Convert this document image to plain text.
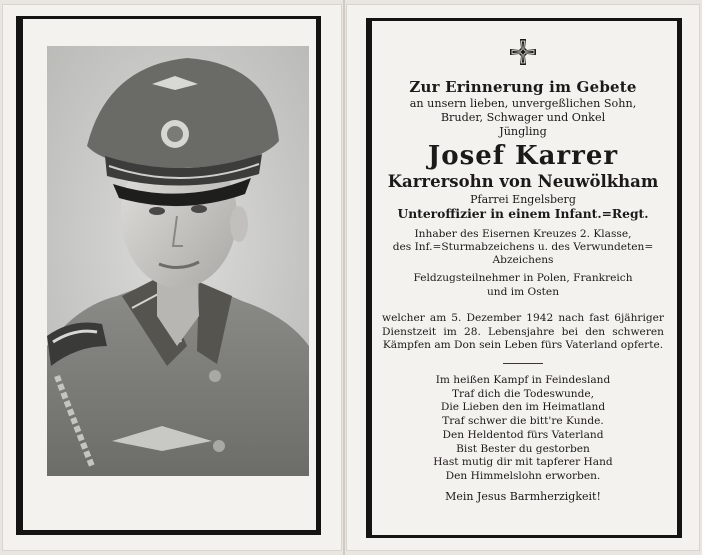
Zur Erinnerung im Gebete

an unsern lieben, unvergeßlichen Sohn,

Bruder, Schwager und Onkel

Jüngling

Josef Karrer

Karrersohn von Neuwölkham

Pfarrei Engelsberg

Unteroffizier in einem Infant.=Regt.

Inhaber des Eisernen Kreuzes 2. Klasse,

des Inf.=Sturmabzeichens u. des Verwundeten=

Abzeichens

Feldzugsteilnehmer in Polen, Frankreich

und im Osten

welcher am 5. Dezember 1942 nach fast 6jähriger Dienstzeit im 28. Lebensjahre bei den schweren Kämpfen am Don sein Leben fürs Vaterland opferte.

Im heißen Kampf in Feindesland

Traf dich die Todeswunde,

Die Lieben den im Heimatland

Traf schwer die bitt're Kunde.

Den Heldentod fürs Vaterland

Bist Bester du gestorben

Hast mutig dir mit tapferer Hand

Den Himmelslohn erworben.

Mein Jesus Barmherzigkeit!
